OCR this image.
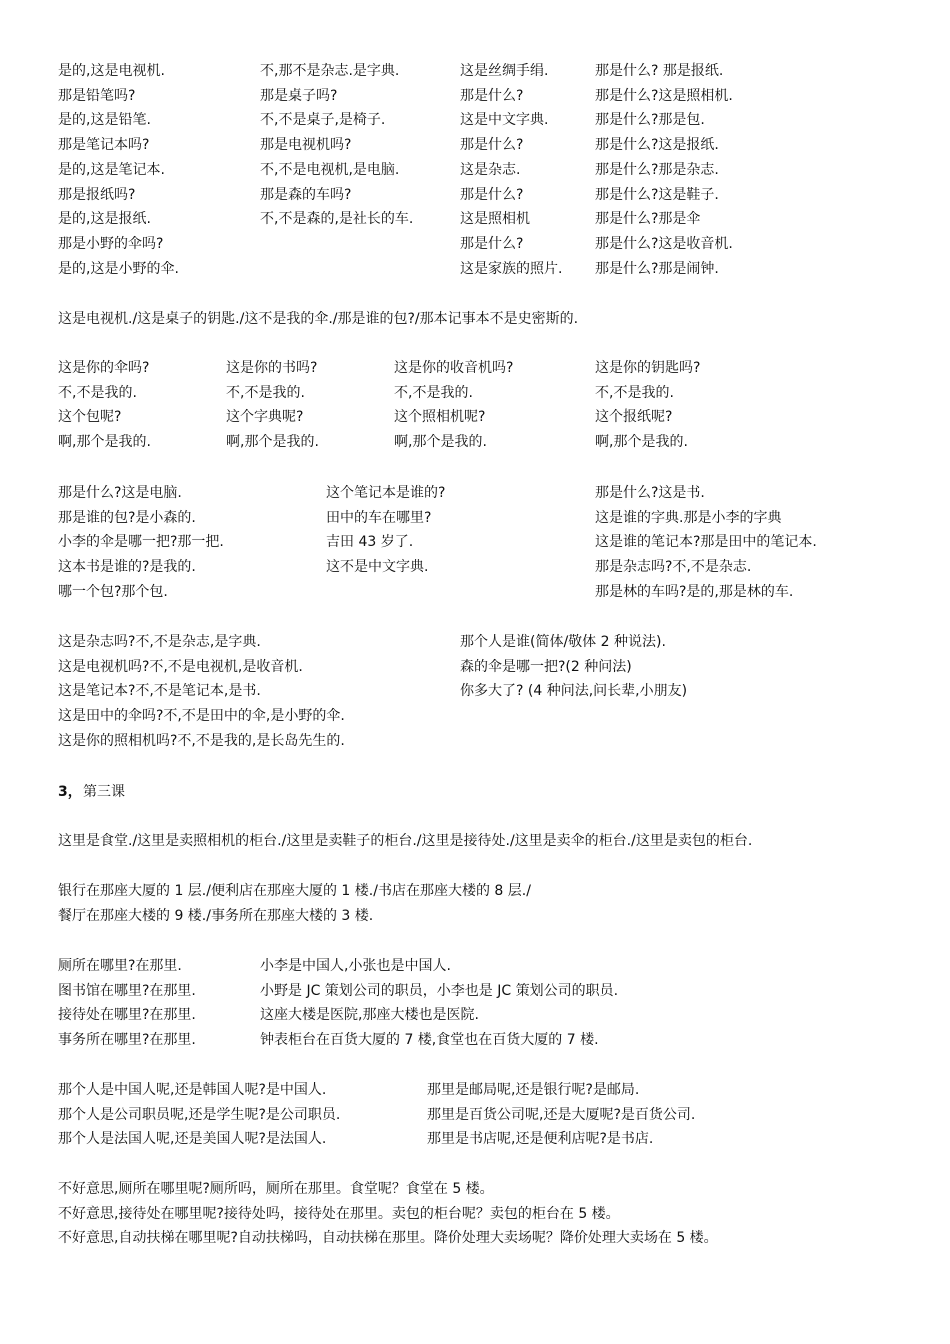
是的,这是电视机.
那是铅笔吗?
是的,这是铅笔.
那是笔记本吗?
是的,这是笔记本.
那是报纸吗?
是的,这是报纸.
那是小野的伞吗?
是的,这是小野的伞.
不,那不是杂志.是字典.
那是桌子吗?
不,不是桌子,是椅子.
那是电视机吗?
不,不是电视机,是电脑.
那是森的车吗?
不,不是森的,是社长的车.
这是丝绸手绢.
那是什么?
这是中文字典.
那是什么?
这是杂志.
那是什么?
这是照相机
那是什么?
这是家族的照片.
那是什么? 那是报纸.
那是什么?这是照相机.
那是什么?那是包.
那是什么?这是报纸.
那是什么?那是杂志.
那是什么?这是鞋子.
那是什么?那是伞
那是什么?这是收音机.
那是什么?那是闹钟.
这是电视机./这是桌子的钥匙./这不是我的伞./那是谁的包?/那本记事本不是史密斯的.
这是你的伞吗?
不,不是我的.
这个包呢?
啊,那个是我的.
这是你的书吗?
不,不是我的.
这个字典呢?
啊,那个是我的.
这是你的收音机吗?
不,不是我的.
这个照相机呢?
啊,那个是我的.
这是你的钥匙吗?
不,不是我的.
这个报纸呢?
啊,那个是我的.
那是什么?这是电脑.
那是谁的包?是小森的.
小李的伞是哪一把?那一把.
这本书是谁的?是我的.
哪一个包?那个包.
这个笔记本是谁的?
田中的车在哪里?
吉田 43 岁了.
这不是中文字典.
那是什么?这是书.
这是谁的字典.那是小李的字典
这是谁的笔记本?那是田中的笔记本.
那是杂志吗?不,不是杂志.
那是林的车吗?是的,那是林的车.
这是杂志吗?不,不是杂志,是字典.
这是电视机吗?不,不是电视机,是收音机.
这是笔记本?不,不是笔记本,是书.
这是田中的伞吗?不,不是田中的伞,是小野的伞.
这是你的照相机吗?不,不是我的,是长岛先生的.
那个人是谁(简体/敬体 2 种说法).
森的伞是哪一把?(2 种问法)
你多大了? (4 种问法,问长辈,小朋友)
3， 第三课
这里是食堂./这里是卖照相机的柜台./这里是卖鞋子的柜台./这里是接待处./这里是卖伞的柜台./这里是卖包的柜台.
银行在那座大厦的 1 层./便利店在那座大厦的 1 楼./书店在那座大楼的 8 层./
餐厅在那座大楼的 9 楼./事务所在那座大楼的 3 楼.
厕所在哪里?在那里.
图书馆在哪里?在那里.
接待处在哪里?在那里.
事务所在哪里?在那里.
小李是中国人,小张也是中国人.
小野是 JC 策划公司的职员，小李也是 JC 策划公司的职员.
这座大楼是医院,那座大楼也是医院.
钟表柜台在百货大厦的 7 楼,食堂也在百货大厦的 7 楼.
那个人是中国人呢,还是韩国人呢?是中国人.
那个人是公司职员呢,还是学生呢?是公司职员.
那个人是法国人呢,还是美国人呢?是法国人.
那里是邮局呢,还是银行呢?是邮局.
那里是百货公司呢,还是大厦呢?是百货公司.
那里是书店呢,还是便利店呢?是书店.
不好意思,厕所在哪里呢?厕所吗，厕所在那里。食堂呢？食堂在 5 楼。
不好意思,接待处在哪里呢?接待处吗，接待处在那里。卖包的柜台呢？卖包的柜台在 5 楼。
不好意思,自动扶梯在哪里呢?自动扶梯吗，自动扶梯在那里。降价处理大卖场呢？降价处理大卖场在 5 楼。
